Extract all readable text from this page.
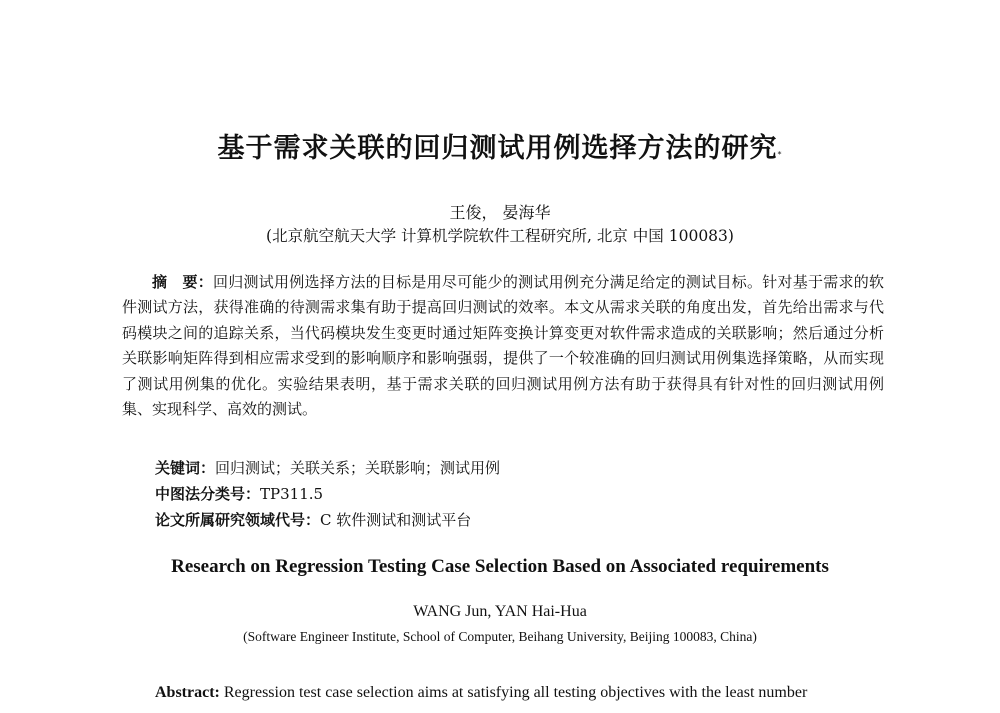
基于需求关联的回归测试用例选择方法的研究*
王俊， 晏海华
(北京航空航天大学 计算机学院软件工程研究所, 北京 中国 100083)
摘　要：回归测试用例选择方法的目标是用尽可能少的测试用例充分满足给定的测试目标。针对基于需求的软件测试方法，获得准确的待测需求集有助于提高回归测试的效率。本文从需求关联的角度出发，首先给出需求与代码模块之间的追踪关系，当代码模块发生变更时通过矩阵变换计算变更对软件需求造成的关联影响；然后通过分析关联影响矩阵得到相应需求受到的影响顺序和影响强弱，提供了一个较准确的回归测试用例集选择策略，从而实现了测试用例集的优化。实验结果表明，基于需求关联的回归测试用例方法有助于获得具有针对性的回归测试用例集、实现科学、高效的测试。
关键词：回归测试；关联关系；关联影响；测试用例
中图法分类号：TP311.5
论文所属研究领域代号：C 软件测试和测试平台
Research on Regression Testing Case Selection Based on Associated requirements
WANG Jun, YAN Hai-Hua
(Software Engineer Institute, School of Computer, Beihang University, Beijing 100083, China)
Abstract: Regression test case selection aims at satisfying all testing objectives with the least number
